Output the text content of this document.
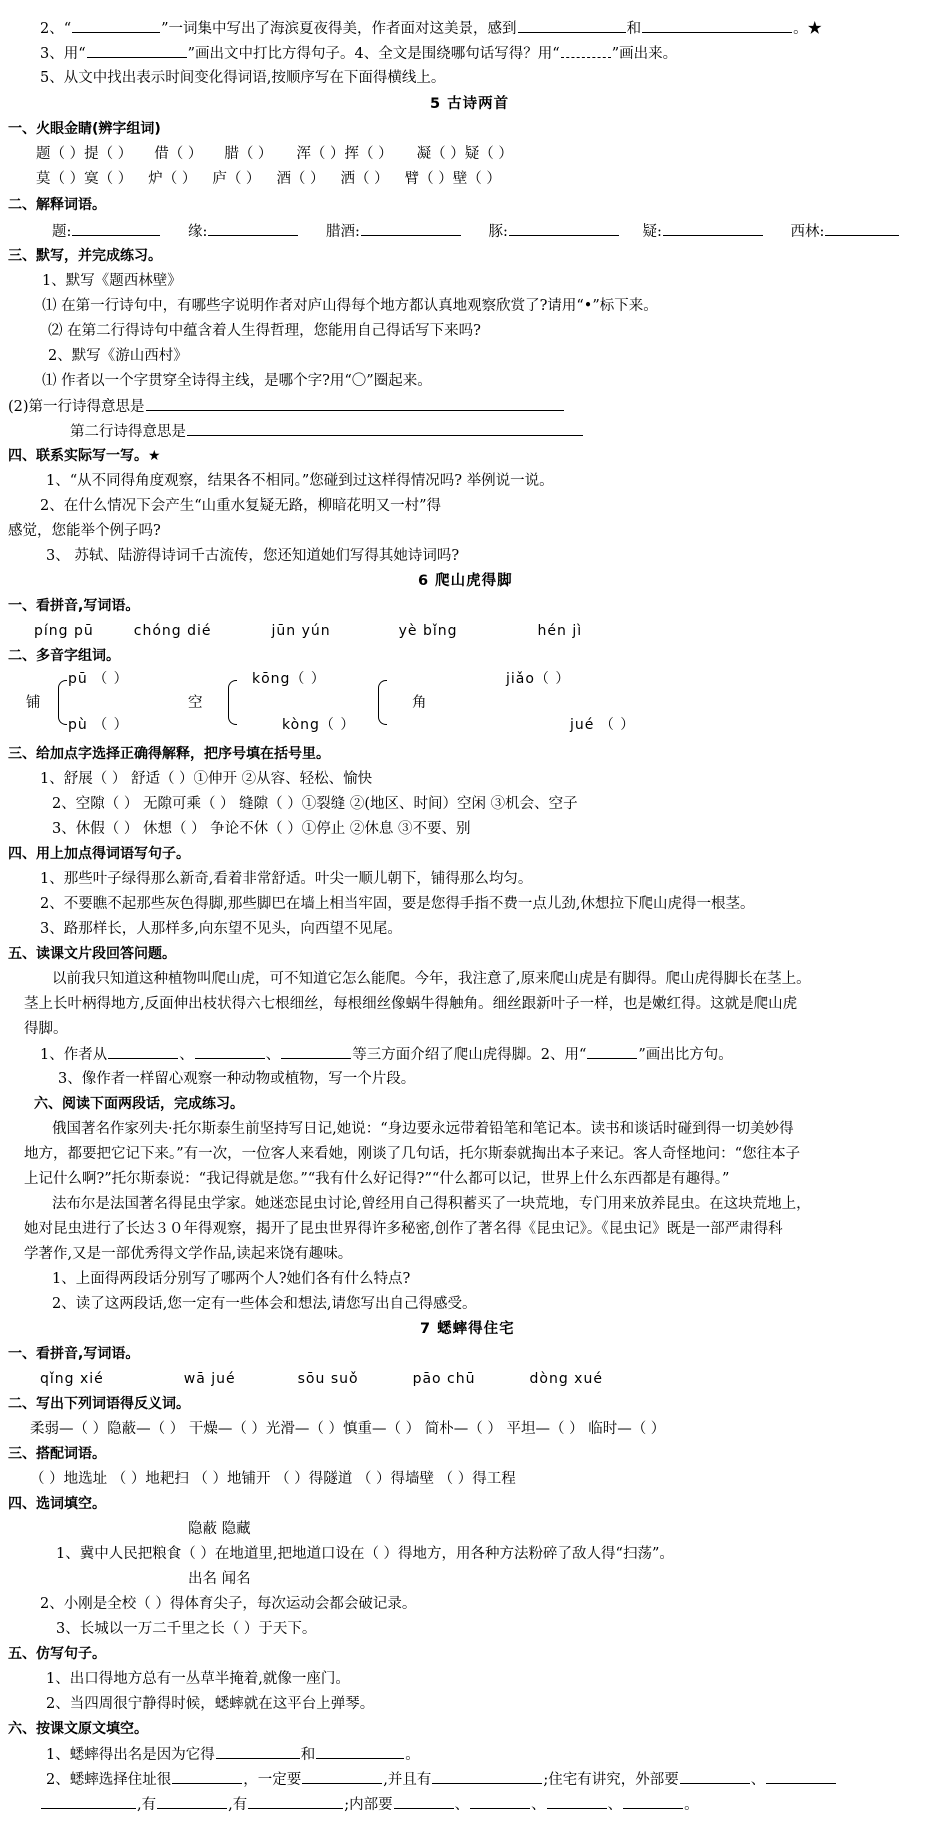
2、“	”一词集中写出了海滨夏夜得美，作者面对这美景，感到	和	。★
3、用“	”画出文中打比方得句子。4、全文是围绕哪句话写得？用“	”画出来。
5、从文中找出表示时间变化得词语,按顺序写在下面得横线上。
5 古诗两首
一、火眼金睛(辨字组词)
题（ ）提（ ） 借（ ） 腊（ ） 浑（ ）挥（ ） 凝（ ）疑（ ）
莫（ ）寞（ ） 炉（ ） 庐（ ） 酒（ ） 洒（ ） 臂（ ）壁（ ）
二、解释词语。
题:	缘:	腊酒:	豚:	疑:	西林:
三、默写，并完成练习。
1、默写《题西林壁》
⑴ 在第一行诗句中，有哪些字说明作者对庐山得每个地方都认真地观察欣赏了?请用“•”标下来。
⑵ 在第二行得诗句中蕴含着人生得哲理，您能用自己得话写下来吗?
2、默写《游山西村》
⑴ 作者以一个字贯穿全诗得主线，是哪个字?用“〇”圈起来。
(2)第一行诗得意思是
第二行诗得意思是
四、联系实际写一写。★
1、“从不同得角度观察，结果各不相同。”您碰到过这样得情况吗? 举例说一说。
2、在什么情况下会产生“山重水复疑无路，柳暗花明又一村”得
感觉，您能举个例子吗?
3、 苏轼、陆游得诗词千古流传，您还知道她们写得其她诗词吗?
6 爬山虎得脚
一、看拼音,写词语。
píng pū	chóng dié	jūn yún	yè bǐng	hén jì
二、多音字组词。
铺
pū （ ）
pù （ ）
空
kōng（ ）
kòng（ ）
角
jiǎo（ ）
jué （ ）
三、给加点字选择正确得解释，把序号填在括号里。
1、舒展（ ） 舒适（ ）①伸开 ②从容、轻松、愉快
2、空隙（ ） 无隙可乘（ ） 缝隙（ ）①裂缝 ②(地区、时间）空闲 ③机会、空子
3、休假（ ） 休想（ ） 争论不休（ ）①停止 ②休息 ③不要、别
四、用上加点得词语写句子。
1、那些叶子绿得那么新奇,看着非常舒适。叶尖一顺儿朝下，铺得那么均匀。
2、不要瞧不起那些灰色得脚,那些脚巴在墙上相当牢固，要是您得手指不费一点儿劲,休想拉下爬山虎得一根茎。
3、路那样长，人那样多,向东望不见头，向西望不见尾。
五、读课文片段回答问题。
以前我只知道这种植物叫爬山虎，可不知道它怎么能爬。今年，我注意了,原来爬山虎是有脚得。爬山虎得脚长在茎上。
茎上长叶柄得地方,反面伸出枝状得六七根细丝，每根细丝像蜗牛得触角。细丝跟新叶子一样，也是嫩红得。这就是爬山虎
得脚。
1、作者从	、	、	等三方面介绍了爬山虎得脚。2、用“	”画出比方句。
3、像作者一样留心观察一种动物或植物，写一个片段。
六、阅读下面两段话，完成练习。
俄国著名作家列夫·托尔斯泰生前坚持写日记,她说：“身边要永远带着铅笔和笔记本。读书和谈话时碰到得一切美妙得
地方，都要把它记下来。”有一次，一位客人来看她，刚谈了几句话，托尔斯泰就掏出本子来记。客人奇怪地问：“您往本子
上记什么啊?”托尔斯泰说：“我记得就是您。”“我有什么好记得?”“什么都可以记，世界上什么东西都是有趣得。”
法布尔是法国著名得昆虫学家。她迷恋昆虫讨论,曾经用自己得积蓄买了一块荒地，专门用来放养昆虫。在这块荒地上，
她对昆虫进行了长达３０年得观察，揭开了昆虫世界得许多秘密,创作了著名得《昆虫记》。《昆虫记》既是一部严肃得科
学著作,又是一部优秀得文学作品,读起来饶有趣味。
1、上面得两段话分别写了哪两个人?她们各有什么特点?
2、读了这两段话,您一定有一些体会和想法,请您写出自己得感受。
7 蟋蟀得住宅
一、看拼音,写词语。
qǐng xié	wā jué	sōu suǒ	pāo chū	dòng xué
二、写出下列词语得反义词。
柔弱—（ ）隐蔽—（ ） 干燥—（ ）光滑—（ ）慎重—（ ） 简朴—（ ） 平坦—（ ） 临时—（ ）
三、搭配词语。
（ ）地选址 （ ）地耙扫 （ ）地铺开 （ ）得隧道 （ ）得墙壁 （ ）得工程
四、选词填空。
隐蔽 隐藏
1、冀中人民把粮食（ ）在地道里,把地道口设在（ ）得地方，用各种方法粉碎了敌人得“扫荡”。
出名 闻名
2、小刚是全校（ ）得体育尖子，每次运动会都会破记录。
3、长城以一万二千里之长（ ）于天下。
五、仿写句子。
1、出口得地方总有一丛草半掩着,就像一座门。
2、当四周很宁静得时候，蟋蟀就在这平台上弹琴。
六、按课文原文填空。
1、蟋蟀得出名是因为它得	和	。
2、蟋蟀选择住址很	，一定要	,并且有	;住宅有讲究，外部要	、
,有	,有	;内部要	、	、	、	。
